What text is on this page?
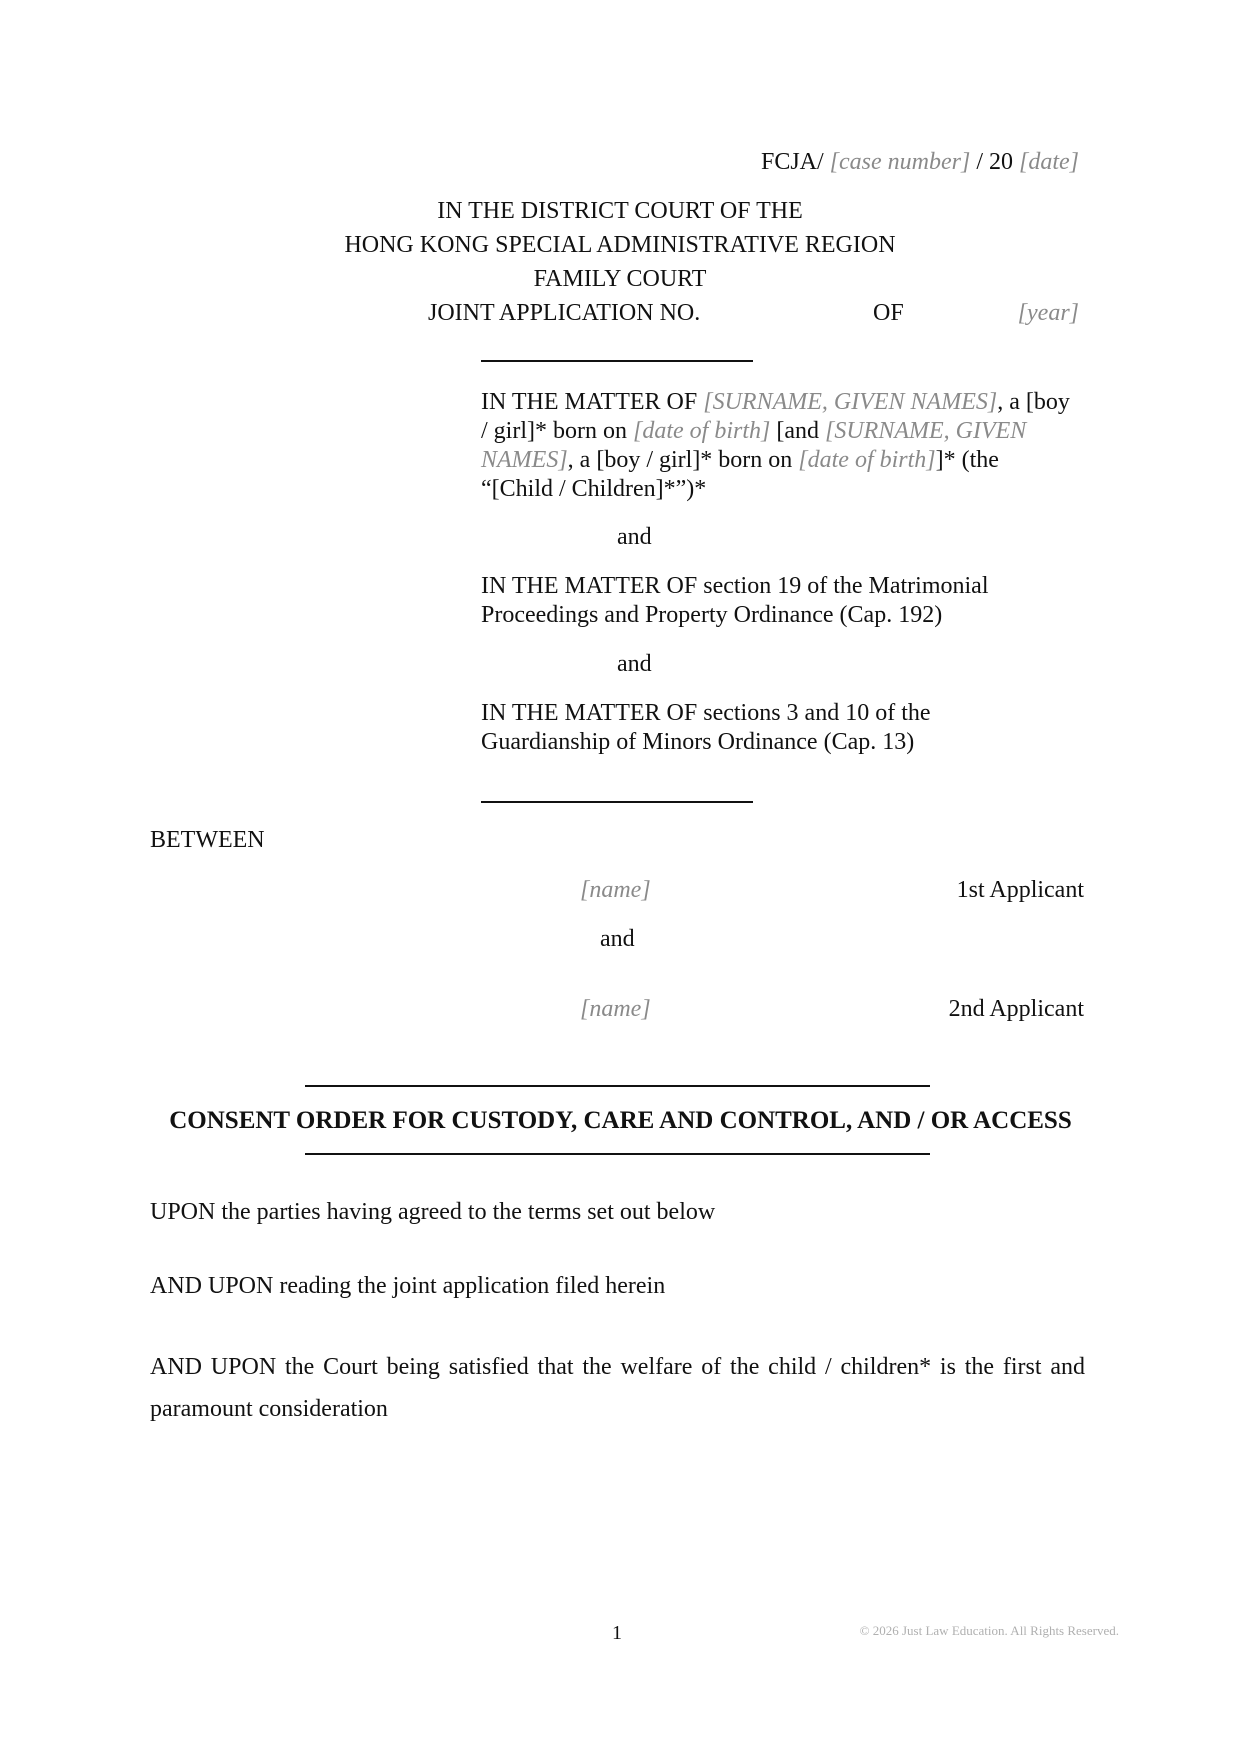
FCJA/ [case number] / 20 [date]
IN THE DISTRICT COURT OF THE
HONG KONG SPECIAL ADMINISTRATIVE REGION
FAMILY COURT
JOINT APPLICATION NO.	OF	[year]
IN THE MATTER OF [SURNAME, GIVEN NAMES], a [boy / girl]* born on [date of birth] [and [SURNAME, GIVEN NAMES], a [boy / girl]* born on [date of birth]]* (the “[Child / Children]*”)*
and
IN THE MATTER OF section 19 of the Matrimonial Proceedings and Property Ordinance (Cap. 192)
and
IN THE MATTER OF sections 3 and 10 of the Guardianship of Minors Ordinance (Cap. 13)
BETWEEN
[name]	1st Applicant
and
[name]	2nd Applicant
CONSENT ORDER FOR CUSTODY, CARE AND CONTROL, AND / OR ACCESS
UPON the parties having agreed to the terms set out below
AND UPON reading the joint application filed herein
AND UPON the Court being satisfied that the welfare of the child / children* is the first and paramount consideration
1	© 2026 Just Law Education. All Rights Reserved.
